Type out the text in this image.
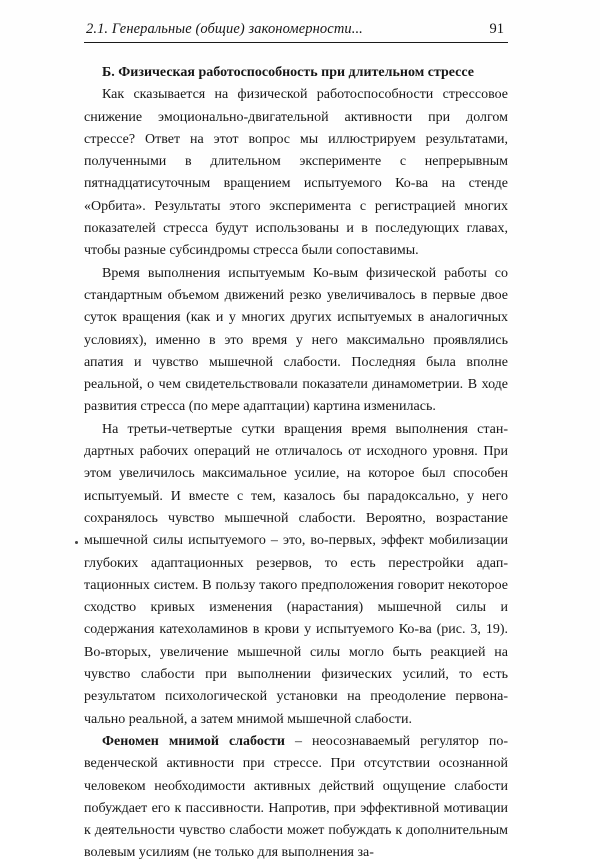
2.1. Генеральные (общие) закономерности...	91
Б. Физическая работоспособность при длительном стрессе

Как сказывается на физической работоспособности стрессовое снижение эмоционально-двигательной активности при долгом стрессе? Ответ на этот вопрос мы иллюстрируем результатами, полученными в длительном эксперименте с непрерывным пятнадцатисуточным вращением испытуемого Ко-ва на стенде «Орбита». Результаты этого эксперимента с регистрацией многих показателей стресса будут использованы и в последующих главах, чтобы разные субсиндромы стресса были сопоставимы.

Время выполнения испытуемым Ко-вым физической работы со стандартным объемом движений резко увеличивалось в первые двое суток вращения (как и у многих других испытуемых в аналогичных условиях), именно в это время у него максимально проявлялись апатия и чувство мышечной слабости. Последняя была вполне реальной, о чем свидетельствовали показатели динамометрии. В ходе развития стресса (по мере адаптации) картина изменилась.

На третьи-четвертые сутки вращения время выполнения стандартных рабочих операций не отличалось от исходного уровня. При этом увеличилось максимальное усилие, на которое был способен испытуемый. И вместе с тем, казалось бы парадоксально, у него сохранялось чувство мышечной слабости. Вероятно, возрастание мышечной силы испытуемого – это, во-первых, эффект мобилизации глубоких адаптационных резервов, то есть перестройки адаптационных систем. В пользу такого предположения говорит некоторое сходство кривых изменения (нарастания) мышечной силы и содержания катехоламинов в крови у испытуемого Ко-ва (рис. 3, 19). Во-вторых, увеличение мышечной силы могло быть реакцией на чувство слабости при выполнении физических усилий, то есть результатом психологической установки на преодоление первоначально реальной, а затем мнимой мышечной слабости.

Феномен мнимой слабости – неосознаваемый регулятор поведенческой активности при стрессе. При отсутствии осознанной человеком необходимости активных действий ощущение слабости побуждает его к пассивности. Напротив, при эффективной мотивации к деятельности чувство слабости может побуждать к дополнительным волевым усилиям (не только для выполнения за-
